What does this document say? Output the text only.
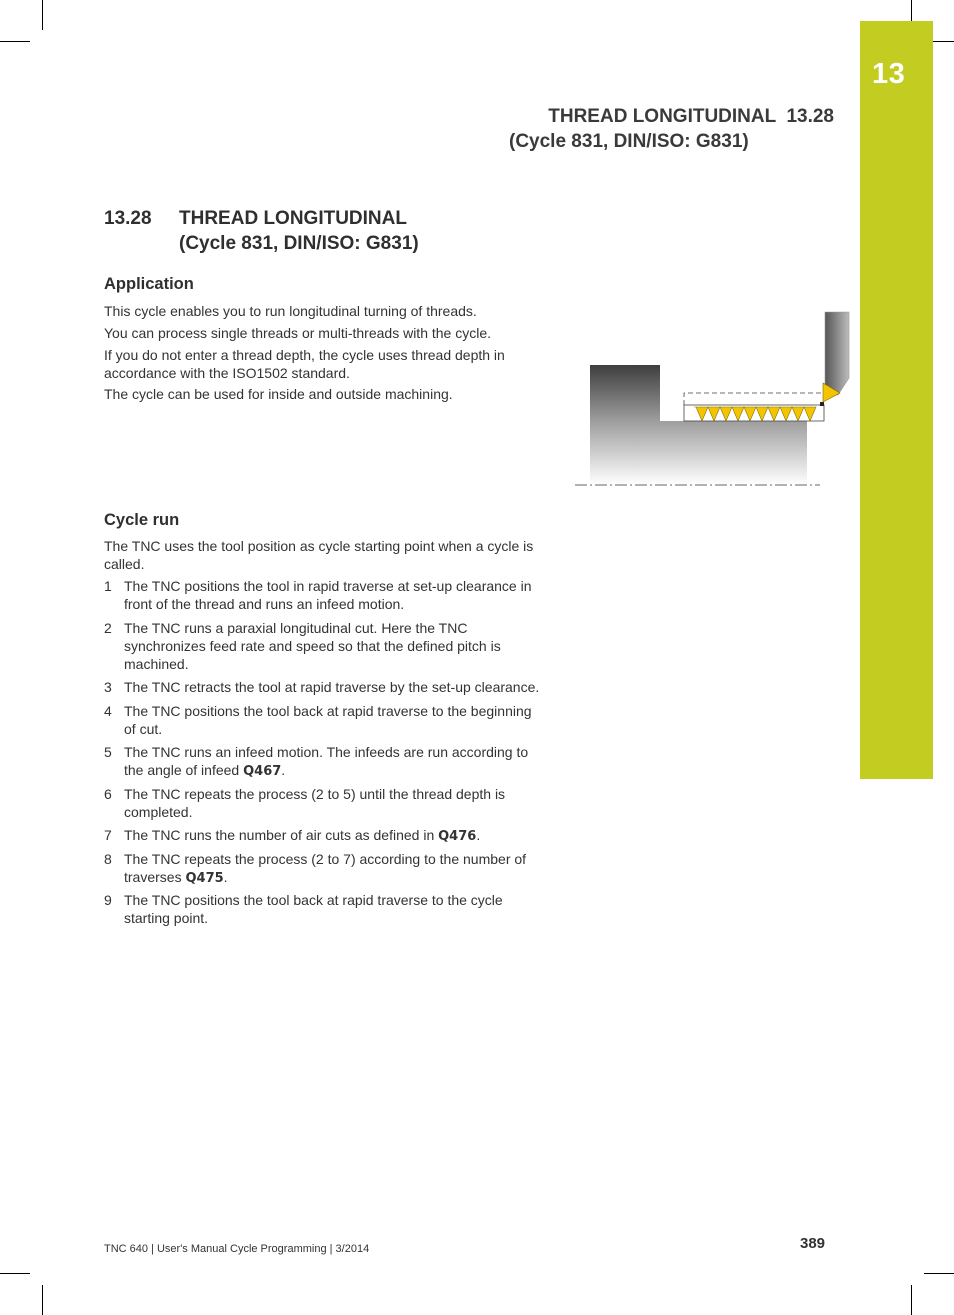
13
THREAD LONGITUDINAL  13.28
(Cycle 831, DIN/ISO: G831)
13.28 THREAD LONGITUDINAL
(Cycle 831, DIN/ISO: G831)
Application

This cycle enables you to run longitudinal turning of threads.

You can process single threads or multi-threads with the cycle.

If you do not enter a thread depth, the cycle uses thread depth in accordance with the ISO1502 standard.

The cycle can be used for inside and outside machining.

Cycle run

The TNC uses the tool position as cycle starting point when a cycle is called.

1 The TNC positions the tool in rapid traverse at set-up clearance in front of the thread and runs an infeed motion.
2 The TNC runs a paraxial longitudinal cut. Here the TNC synchronizes feed rate and speed so that the defined pitch is machined.
3 The TNC retracts the tool at rapid traverse by the set-up clearance.
4 The TNC positions the tool back at rapid traverse to the beginning of cut.
5 The TNC runs an infeed motion. The infeeds are run according to the angle of infeed Q467.
6 The TNC repeats the process (2 to 5) until the thread depth is completed.
7 The TNC runs the number of air cuts as defined in Q476.
8 The TNC repeats the process (2 to 7) according to the number of traverses Q475.
9 The TNC positions the tool back at rapid traverse to the cycle starting point.
TNC 640 | User's Manual Cycle Programming | 3/2014	389
